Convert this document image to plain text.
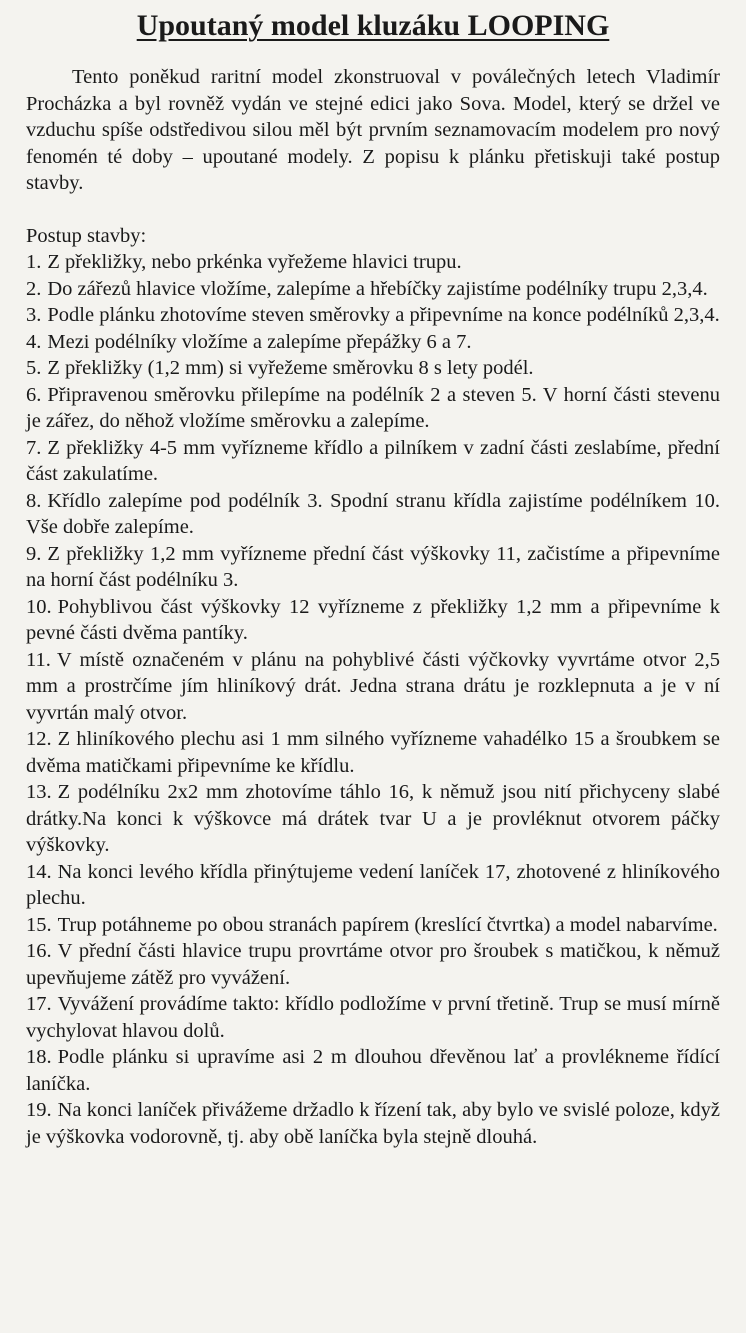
Upoutaný model kluzáku LOOPING

Tento poněkud raritní model zkonstruoval v poválečných letech Vladimír Procházka a byl rovněž vydán ve stejné edici jako Sova. Model, který se držel ve vzduchu spíše odstředivou silou měl být prvním seznamovacím modelem pro nový fenomén té doby – upoutané modely. Z popisu k plánku přetiskuji také postup stavby.

Postup stavby:

1. Z překližky, nebo prkénka vyřežeme hlavici trupu.
2. Do zářezů hlavice vložíme, zalepíme a hřebíčky zajistíme podélníky trupu 2,3,4.
3. Podle plánku zhotovíme steven směrovky a připevníme na konce podélníků 2,3,4.
4. Mezi podélníky vložíme a zalepíme přepážky 6 a 7.
5. Z překližky (1,2 mm) si vyřežeme směrovku 8 s lety podél.
6. Připravenou směrovku přilepíme na podélník 2 a steven 5. V horní části stevenu je zářez, do něhož vložíme směrovku a zalepíme.
7. Z překližky 4-5 mm vyřízneme křídlo a pilníkem v zadní části zeslabíme, přední část zakulatíme.
8. Křídlo zalepíme pod podélník 3. Spodní stranu křídla zajistíme podélníkem 10. Vše dobře zalepíme.
9. Z překližky 1,2 mm vyřízneme přední část výškovky 11, začistíme a připevníme na horní část podélníku 3.
10. Pohyblivou část výškovky 12 vyřízneme z překližky 1,2 mm a připevníme k pevné části dvěma pantíky.
11. V místě označeném v plánu na pohyblivé části výčkovky vyvrtáme otvor 2,5 mm a prostrčíme jím hliníkový drát. Jedna strana drátu je rozklepnuta a je v ní vyvrtán malý otvor.
12. Z hliníkového plechu asi 1 mm silného vyřízneme vahadélko 15 a šroubkem se dvěma matičkami připevníme ke křídlu.
13. Z podélníku 2x2 mm zhotovíme táhlo 16, k němuž jsou nití přichyceny slabé drátky.Na konci k výškovce má drátek tvar U a je provléknut otvorem páčky výškovky.
14. Na konci levého křídla přinýtujeme vedení laníček 17, zhotovené z hliníkového plechu.
15. Trup potáhneme po obou stranách papírem (kreslící čtvrtka) a model nabarvíme.
16. V přední části hlavice trupu provrtáme otvor pro šroubek s matičkou, k němuž upevňujeme zátěž pro vyvážení.
17. Vyvážení provádíme takto: křídlo podložíme v první třetině. Trup se musí mírně vychylovat hlavou dolů.
18. Podle plánku si upravíme asi 2 m dlouhou dřevěnou lať a provlékneme řídící laníčka.
19. Na konci laníček přivážeme držadlo k řízení tak, aby bylo ve svislé poloze, když je výškovka vodorovně, tj. aby obě laníčka byla stejně dlouhá.
